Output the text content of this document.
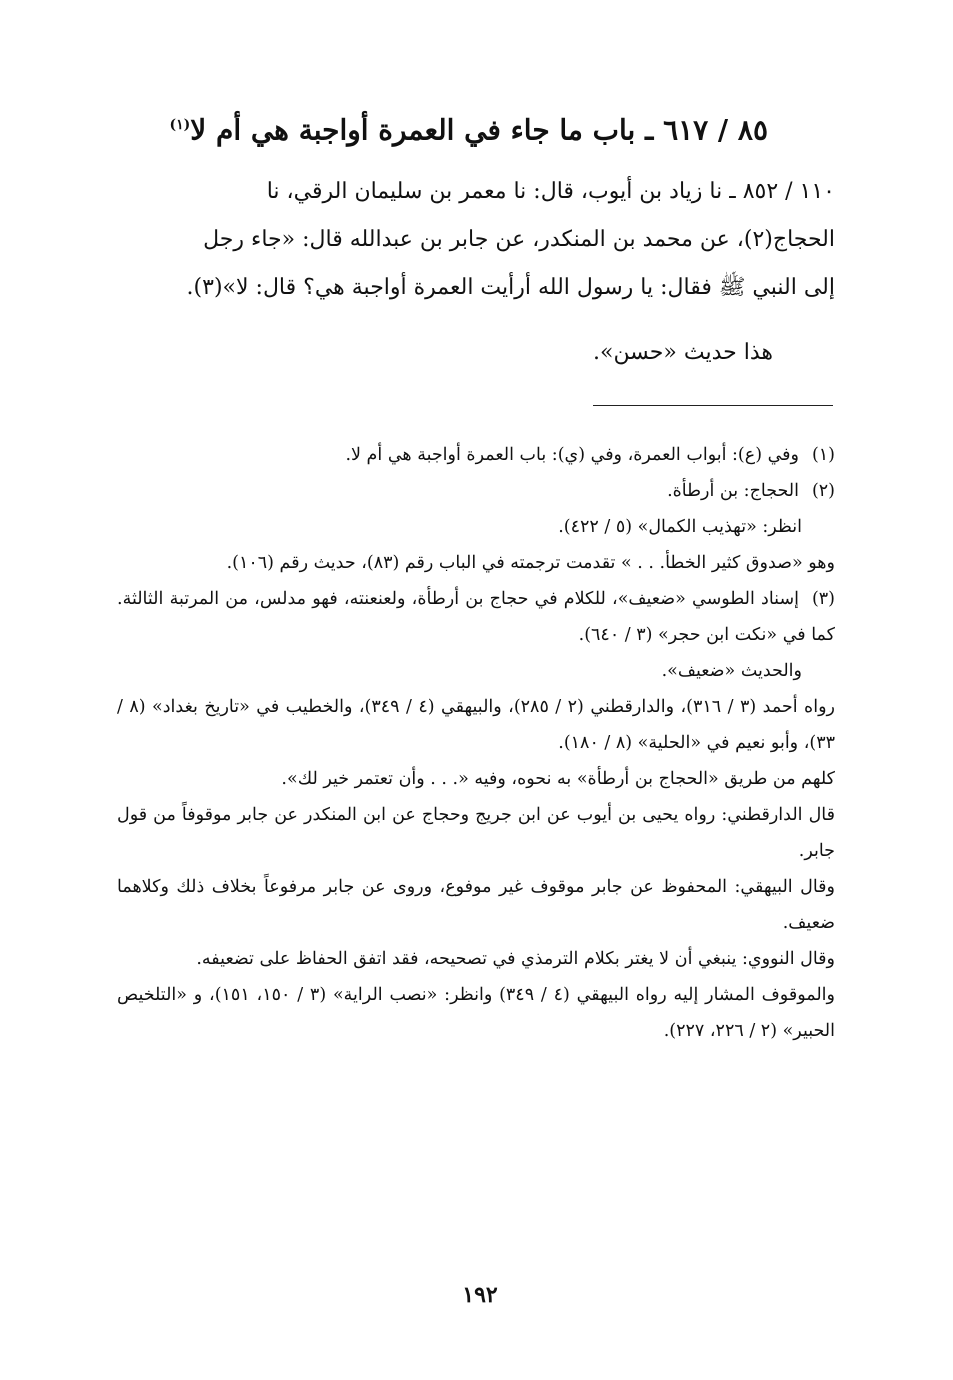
٨٥ / ٦١٧ ـ باب ما جاء في العمرة أواجبة هي أم لا$^{(١)}$

١١٠ / ٨٥٢ ـ نا زياد بن أيوب، قال: نا معمر بن سليمان الرقي، نا

الحجاج(٢)، عن محمد بن المنكدر، عن جابر بن عبدالله قال: «جاء رجل

إلى النبي ﷺ فقال: يا رسول الله أرأيت العمرة أواجبة هي؟ قال: لا»(٣).

هذا حديث «حسن».

(١)وفي (ع): أبواب العمرة، وفي (ي): باب العمرة أواجبة هي أم لا.

(٢)الحجاج: بن أرطأة.

انظر: «تهذيب الكمال» (٥ / ٤٢٢).

وهو «صدوق كثير الخطأ. . . » تقدمت ترجمته في الباب رقم (٨٣)، حديث رقم (١٠٦).

(٣)إسناد الطوسي «ضعيف»، للكلام في حجاج بن أرطأة، ولعنعنته، فهو مدلس، من المرتبة الثالثة. كما في «نكت ابن حجر» (٣ / ٦٤٠).

والحديث «ضعيف».

رواه أحمد (٣ / ٣١٦)، والدارقطني (٢ / ٢٨٥)، والبيهقي (٤ / ٣٤٩)، والخطيب في «تاريخ بغداد» (٨ / ٣٣)، وأبو نعيم في «الحلية» (٨ / ١٨٠).

كلهم من طريق «الحجاج بن أرطأة» به نحوه، وفيه «. . . وأن تعتمر خير لك».

قال الدارقطني: رواه يحيى بن أيوب عن ابن جريج وحجاج عن ابن المنكدر عن جابر موقوفاً من قول جابر.

وقال البيهقي: المحفوظ عن جابر موقوف غير موفوع، وروى عن جابر مرفوعاً بخلاف ذلك وكلاهما ضعيف.

وقال النووي: ينبغي أن لا يغتر بكلام الترمذي في تصحيحه، فقد اتفق الحفاظ على تضعيفه.

والموقوف المشار إليه رواه البيهقي (٤ / ٣٤٩) وانظر: «نصب الراية» (٣ / ١٥٠، ١٥١)، و «التلخيص الحبير» (٢ / ٢٢٦، ٢٢٧).

١٩٢
